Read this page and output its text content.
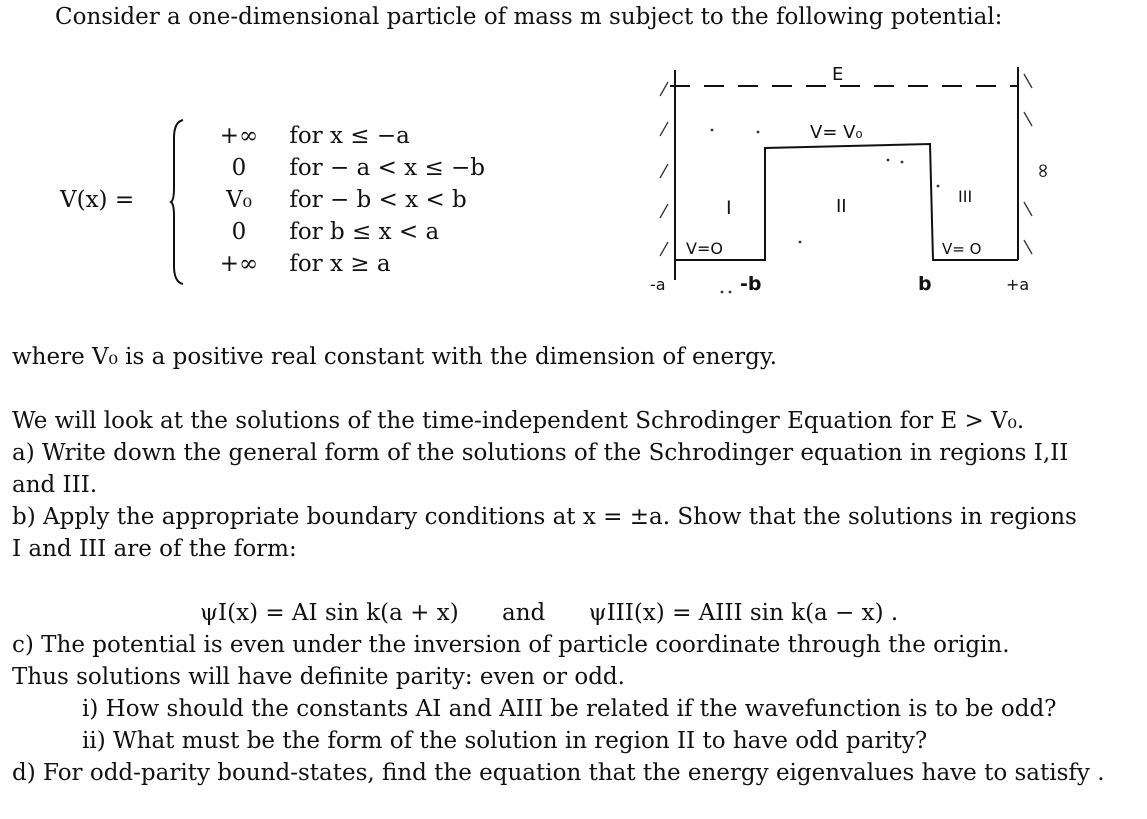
Consider a one-dimensional particle of mass m subject to the following potential:
V(x) =
+∞ for x ≤ −a
0 for − a < x ≤ −b
V₀ for − b < x < b
0 for b ≤ x < a
+∞ for x ≥ a
E
V= V₀
I	II	III
V=O	V= O
-a	-b	b	+a
∞
where V₀ is a positive real constant with the dimension of energy.
We will look at the solutions of the time-independent Schrodinger Equation for E > V₀.
a) Write down the general form of the solutions of the Schrodinger equation in regions I,II
and III.
b) Apply the appropriate boundary conditions at x = ±a. Show that the solutions in regions
I and III are of the form:
ψI(x) = AI sin k(a + x) and ψIII(x) = AIII sin k(a − x) .
c) The potential is even under the inversion of particle coordinate through the origin.
Thus solutions will have definite parity: even or odd.
i) How should the constants AI and AIII be related if the wavefunction is to be odd?
ii) What must be the form of the solution in region II to have odd parity?
d) For odd-parity bound-states, find the equation that the energy eigenvalues have to satisfy .
